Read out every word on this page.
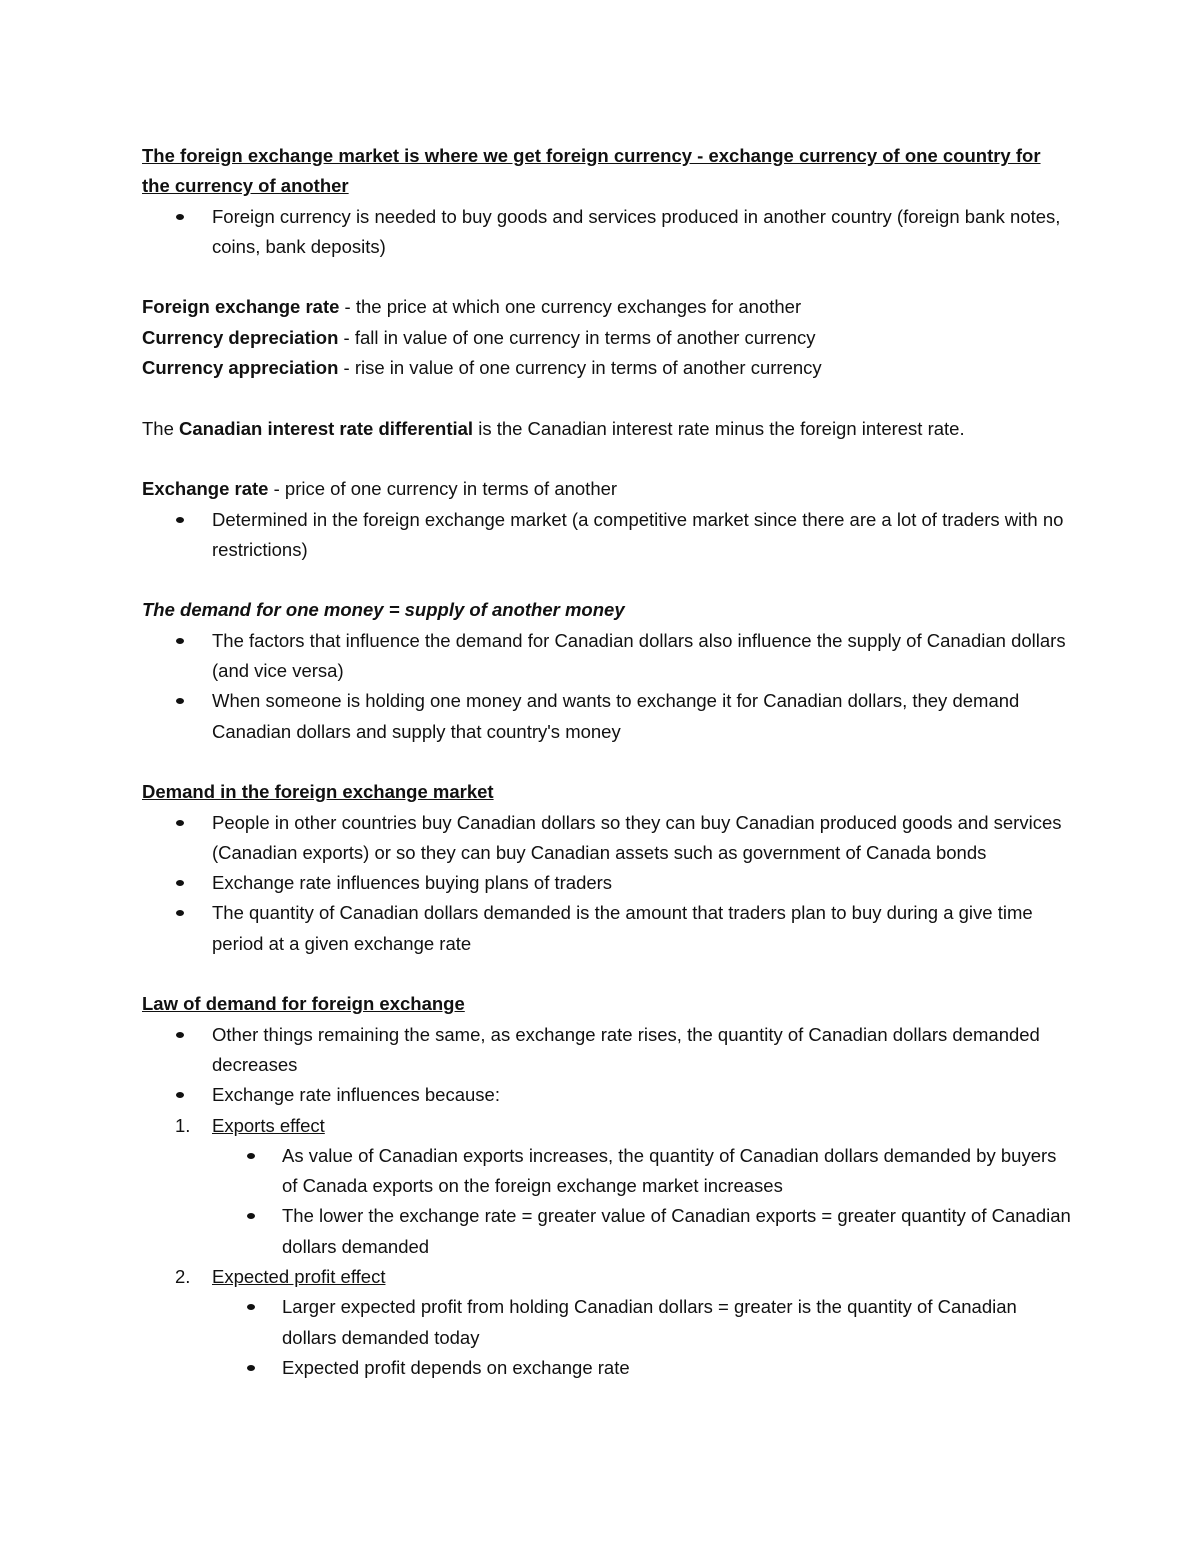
The foreign exchange market is where we get foreign currency - exchange currency of one country for
the currency of another

Foreign currency is needed to buy goods and services produced in another country (foreign bank notes, coins, bank deposits)

Foreign exchange rate - the price at which one currency exchanges for another

Currency depreciation - fall in value of one currency in terms of another currency

Currency appreciation - rise in value of one currency in terms of another currency

The Canadian interest rate differential is the Canadian interest rate minus the foreign interest rate.

Exchange rate - price of one currency in terms of another

Determined in the foreign exchange market (a competitive market since there are a lot of traders with no restrictions)

The demand for one money = supply of another money

The factors that influence the demand for Canadian dollars also influence the supply of Canadian dollars (and vice versa)
When someone is holding one money and wants to exchange it for Canadian dollars, they demand Canadian dollars and supply that country's money

Demand in the foreign exchange market

People in other countries buy Canadian dollars so they can buy Canadian produced goods and services (Canadian exports) or so they can buy Canadian assets such as government of Canada bonds
Exchange rate influences buying plans of traders
The quantity of Canadian dollars demanded is the amount that traders plan to buy during a give time period at a given exchange rate

Law of demand for foreign exchange

Other things remaining the same, as exchange rate rises, the quantity of Canadian dollars demanded decreases
Exchange rate influences because:
1. Exports effect
As value of Canadian exports increases, the quantity of Canadian dollars demanded by buyers of Canada exports on the foreign exchange market increases
The lower the exchange rate = greater value of Canadian exports = greater quantity of Canadian dollars demanded
2. Expected profit effect
Larger expected profit from holding Canadian dollars = greater is the quantity of Canadian dollars demanded today
Expected profit depends on exchange rate
